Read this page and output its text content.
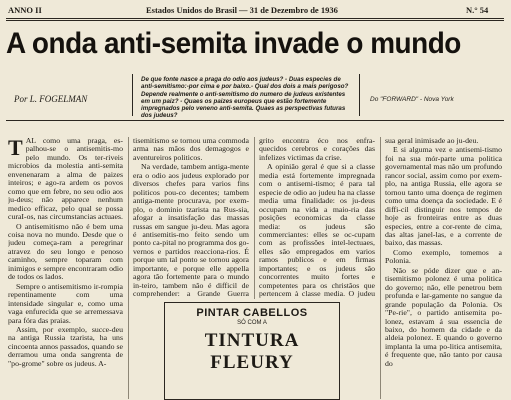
ANNO II	Estados Unidos do Brasil — 31 de Dezembro de 1936	N.° 54
A onda anti-semita invade o mundo
Por L. FOGELMAN
De que fonte nasce a praga do odio aos judeus? - Duas especies de anti-semitismo:-por cima e por baixo.- Qual dos dois a mais perigoso? Depende realmente o anti-semitismo do numero de judeus existentes em um paiz? - Quaes os paizes europeus que estão fortemente impregnados pelo veneno anti-semita. Quaes as perspectivas futuras dos judeus?
Do "FORWARD" - Nova York

TAL como uma praga, es-palhou-se o antisemitis-mo pelo mundo. Os ter-riveis microbios da molestia anti-semita envenenaram a alma de paizes inteiros; e ago-ra ardem os povos como que em febre, no seu odio aos ju-deus; não apparece nenhum medico efficaz, pelo qual se possa curaI-os, nas circumstancias actuaes.

O antisemitismo não é bem uma coisa nova no mundo. Desde que o judeu começa-ram a peregrinar atravez do seu longo e penoso caminho, sempre toparam com inimigos e sempre encontraram odio de todos os lados.

Sempre o antisemitismo ir-rompia repentinamente com uma intensidade singular e, como uma vaga enfurecida que se arremessava para fóra das praias.

Assim, por exemplo, succe-deu na antiga Russia tzarista, ha uns cincoenta annos passados, quando se derramou uma onda sangrenta de "po-grome" sobre os judeus. A-

tisemitismo se tornou uma commoda arma nas mãos dos demagogos e aventureiros politicos.

Na verdade, tambem antiga-mente era o odio aos judeus explorado por diversos chefes para varios fins politicos pou-co decentes; tambem antiga-mente procurava, por exem-plo, o dominio tzarista na Rus-sia, afogar a insatisfação das massas russas em sangue ju-deu. Mas agora é antisemitis-mo feito sendo um ponto ca-pital no programma dos go-vernos e partidos reacciona-rios. É porque um tal ponto se tornou agora importante, e porque elle appella agora tão fortemente para o mundo in-teiro, tambem não é difficil de comprehender: a Grande Guerra

grito encontra éco nos enfra-quecidos cerebros e corações das infelizes victimas da crise.

A opinião geral é que si a classe media está fortemente impregnada com o antisemi-tismo; é para tal especie de odio ao judeu ha na classe media uma finalidade: os ju-deus occupam na vida a maio-ria das posições economicas da classe media: os judeus são commerciantes: elles se oc-cupam com as profissões intel-lectuaes, elles são empregados em varios ramos publicos e em firmas importantes; e os judeus são concorrentes muito fortes e competentes para os christãos que pertencem à classe media. O judeu

sua geral inimisade ao ju-deu.

E si alguma vez e antisemi-tismo foi na sua mór-parte uma politica governamental mas não um profundo rancor social, assim como por exem-plo, na antiga Russia, elle agora se tornou tanto uma doença de regimen como uma doença da sociedade. E é diffi-cil distinguir nos tempos de hoje as fronteiras entre as duas especies, entre a cor-rente de cima, das altas janel-las, e a corrente de baixo, das massas.

Como exemplo, tomemos a Polonia.

Não se póde dizer que e an-tisemitismo polonez é uma politica do governo; não, elle penetrou bem profunda e lar-gamente no sangue da grande população da Polonia. Os "Pe-rie", o partido antisemita po-lonez, estavam á sua essencia de baixo, do homem da cidade e da aldeia polonez. E quando o governo implanta la uma po-litica antisemita, é frequente que, não tanto por causa do

PINTAR CABELLOS
SÓ COM A
TINTURA FLEURY
